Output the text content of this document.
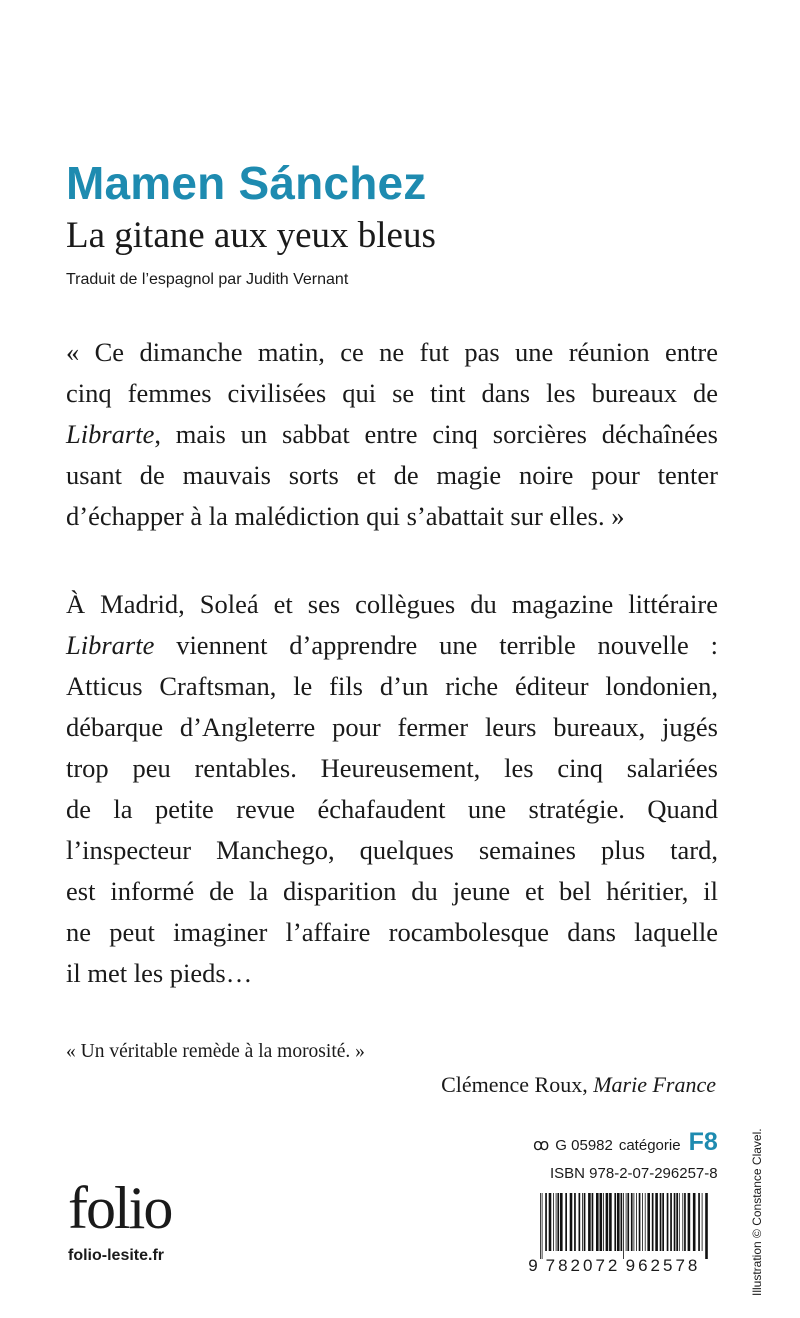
Mamen Sánchez
La gitane aux yeux bleus
Traduit de l’espagnol par Judith Vernant
« Ce dimanche matin, ce ne fut pas une réunion entre
cinq femmes civilisées qui se tint dans les bureaux de
Librarte, mais un sabbat entre cinq sorcières déchaînées
usant de mauvais sorts et de magie noire pour tenter
d’échapper à la malédiction qui s’abattait sur elles. »
À Madrid, Soleá et ses collègues du magazine littéraire
Librarte viennent d’apprendre une terrible nouvelle :
Atticus Craftsman, le fils d’un riche éditeur londonien,
débarque d’Angleterre pour fermer leurs bureaux, jugés
trop peu rentables. Heureusement, les cinq salariées
de la petite revue échafaudent une stratégie. Quand
l’inspecteur Manchego, quelques semaines plus tard,
est informé de la disparition du jeune et bel héritier, il
ne peut imaginer l’affaire rocambolesque dans laquelle
il met les pieds…
« Un véritable remède à la morosité. »
Clémence Roux, Marie France
ꝏ G 05982 catégorie F8
ISBN 978-2-07-296257-8
9 782072 962578
folio
folio-lesite.fr	Illustration © Constance Clavel.
